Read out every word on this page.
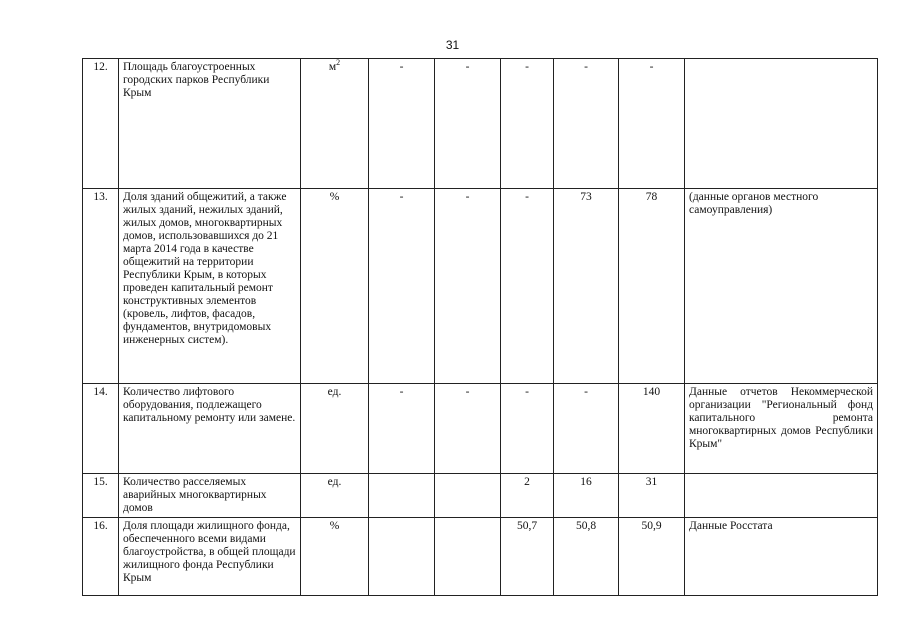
31
12.	Площадь благоустроенных городских парков Республики Крым	$м^2$	-	-	-	-	-	
13.	Доля зданий общежитий, а также жилых зданий, нежилых зданий, жилых домов, многоквартирных домов, использовавшихся до 21 марта 2014 года в качестве общежитий на территории Республики Крым, в которых проведен капитальный ремонт конструктивных элементов (кровель, лифтов, фасадов, фундаментов, внутридомовых инженерных систем).	%	-	-	-	73	78	(данные органов местного самоуправления)
14.	Количество лифтового оборудования, подлежащего капитальному ремонту или замене.	ед.	-	-	-	-	140	Данные отчетов Некоммерческой организации "Региональный фонд капитального ремонта многоквартирных домов Республики Крым"
15.	Количество расселяемых аварийных многоквартирных домов	ед.			2	16	31	
16.	Доля площади жилищного фонда, обеспеченного всеми видами благоустройства, в общей площади жилищного фонда Республики Крым	%			50,7	50,8	50,9	Данные Росстата
